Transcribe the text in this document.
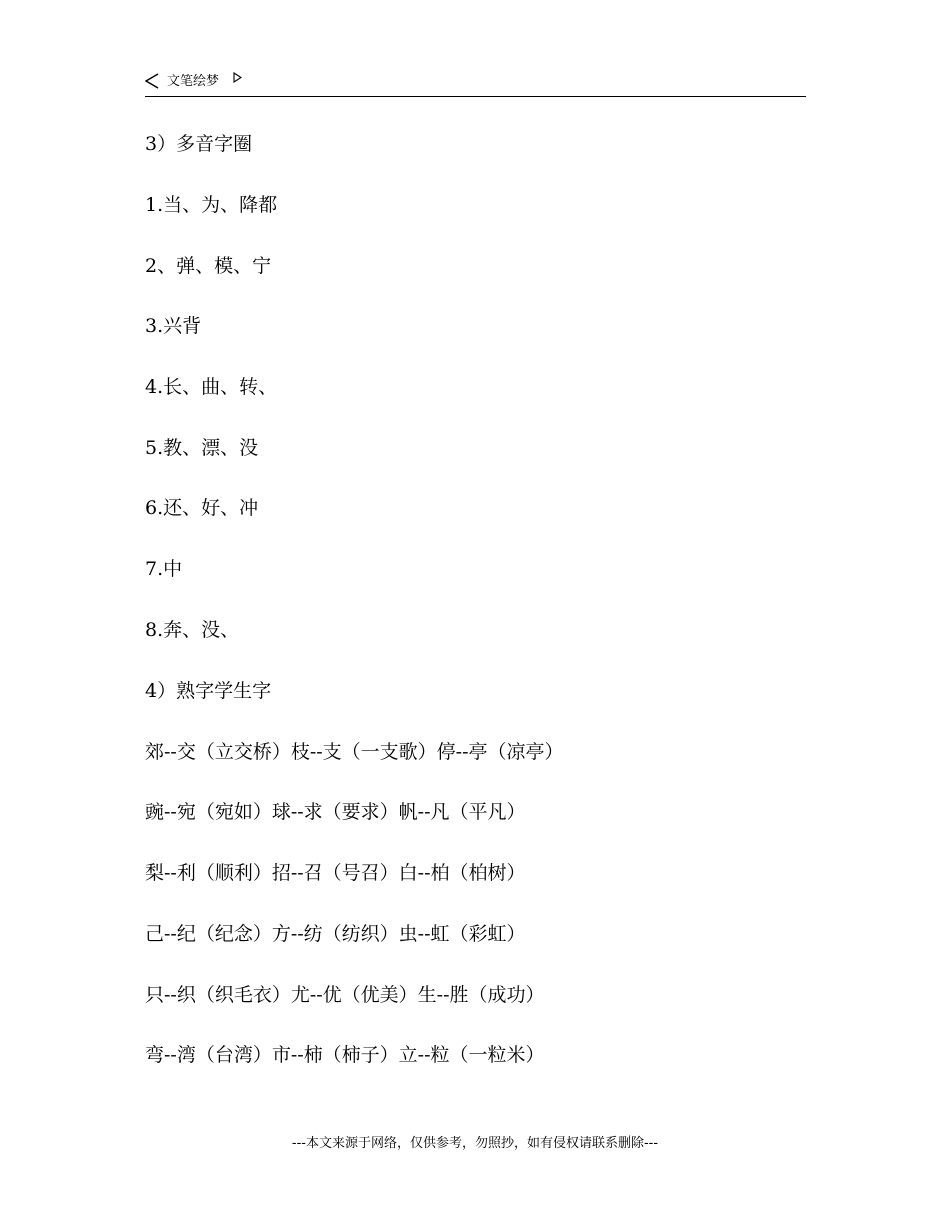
文笔绘梦

3）多音字圈

1.当、为、降都

2、弹、模、宁

3.兴背

4.长、曲、转、

5.教、漂、没

6.还、好、冲

7.中

8.奔、没、

4）熟字学生字

郊--交（立交桥）枝--支（一支歌）停--亭（凉亭）

豌--宛（宛如）球--求（要求）帆--凡（平凡）

梨--利（顺利）招--召（号召）白--柏（柏树）

己--纪（纪念）方--纺（纺织）虫--虹（彩虹）

只--织（织毛衣）尤--优（优美）生--胜（成功）

弯--湾（台湾）市--柿（柿子）立--粒（一粒米）

---本文来源于网络，仅供参考，勿照抄，如有侵权请联系删除---
